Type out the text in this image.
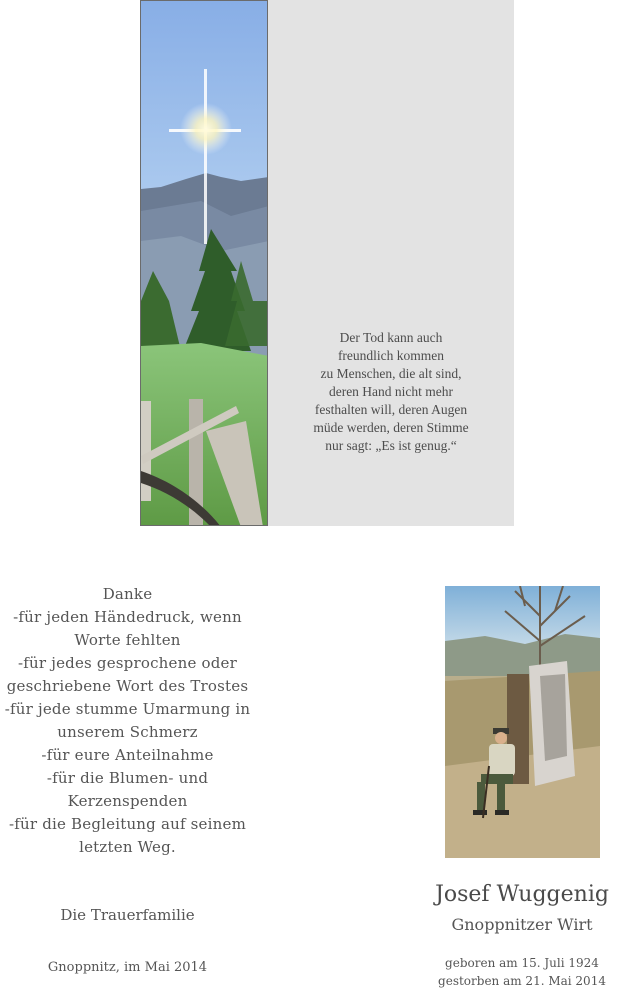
Der Tod kann auch
freundlich kommen
zu Menschen, die alt sind,
deren Hand nicht mehr
festhalten will, deren Augen
müde werden, deren Stimme
nur sagt: „Es ist genug.“
Danke
-für jeden Händedruck, wenn
Worte fehlten
-für jedes gesprochene oder
geschriebene Wort des Trostes
-für jede stumme Umarmung in
unserem Schmerz
-für eure Anteilnahme
-für die Blumen- und
Kerzenspenden
-für die Begleitung auf seinem
letzten Weg.
Die Trauerfamilie
Gnoppnitz, im Mai 2014
Josef Wuggenig
Gnoppnitzer Wirt
geboren am 15. Juli 1924
gestorben am 21. Mai 2014
